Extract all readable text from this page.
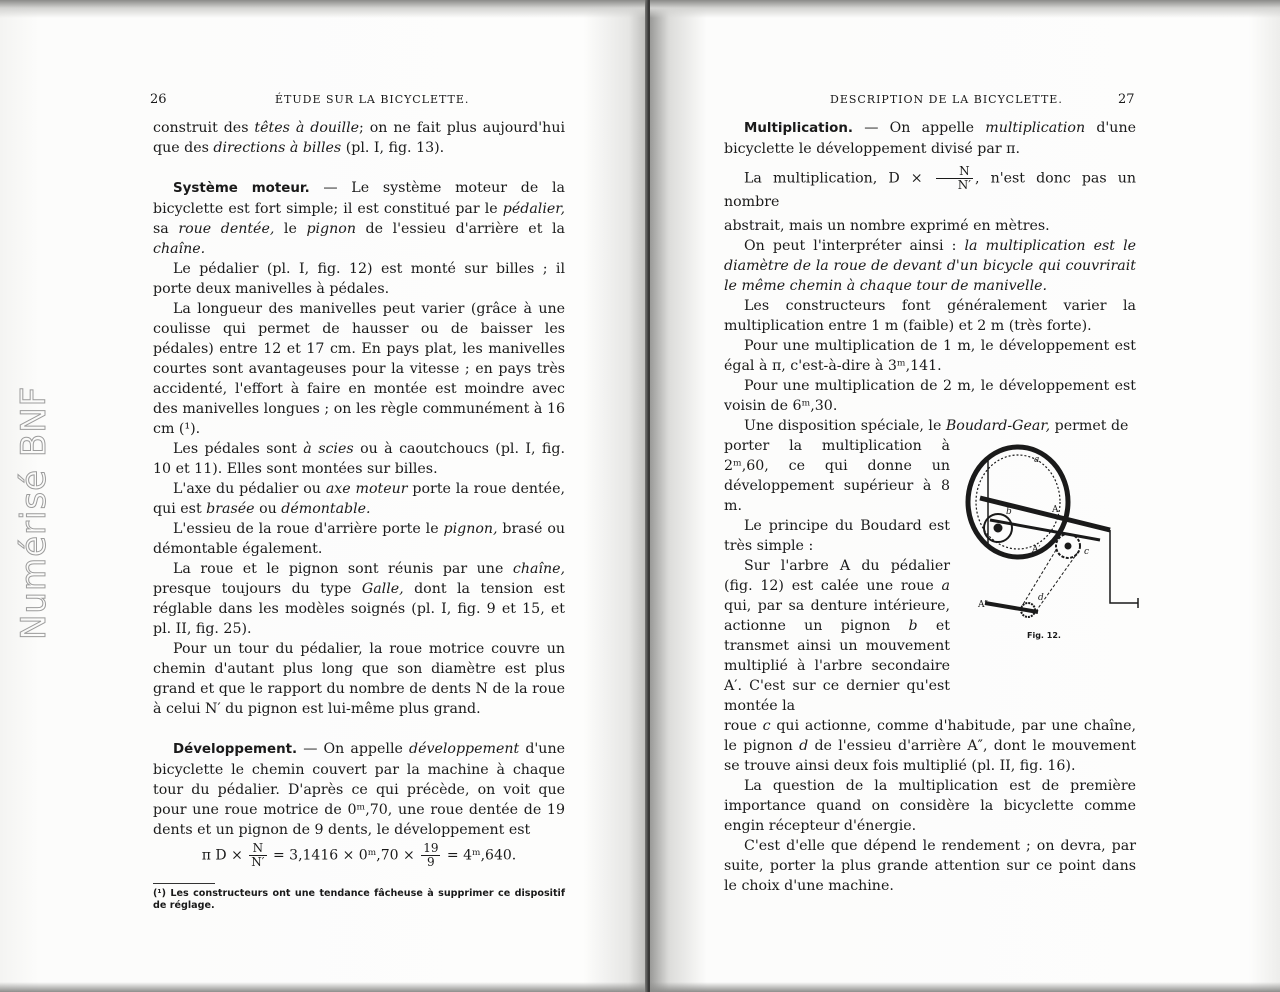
26	ÉTUDE SUR LA BICYCLETTE.

construit des têtes à douille; on ne fait plus aujourd'hui que des directions à billes (pl. I, fig. 13).

Système moteur. — Le système moteur de la bicyclette est fort simple; il est constitué par le pédalier, sa roue dentée, le pignon de l'essieu d'arrière et la chaîne.

Le pédalier (pl. I, fig. 12) est monté sur billes ; il porte deux manivelles à pédales.

La longueur des manivelles peut varier (grâce à une coulisse qui permet de hausser ou de baisser les pédales) entre 12 et 17 cm. En pays plat, les manivelles courtes sont avantageuses pour la vitesse ; en pays très accidenté, l'effort à faire en montée est moindre avec des manivelles longues ; on les règle communément à 16 cm (¹).

Les pédales sont à scies ou à caoutchoucs (pl. I, fig. 10 et 11). Elles sont montées sur billes.

L'axe du pédalier ou axe moteur porte la roue dentée, qui est brasée ou démontable.

L'essieu de la roue d'arrière porte le pignon, brasé ou démontable également.

La roue et le pignon sont réunis par une chaîne, presque toujours du type Galle, dont la tension est réglable dans les modèles soignés (pl. I, fig. 9 et 15, et pl. II, fig. 25).

Pour un tour du pédalier, la roue motrice couvre un chemin d'autant plus long que son diamètre est plus grand et que le rapport du nombre de dents N de la roue à celui N′ du pignon est lui-même plus grand.

Développement. — On appelle développement d'une bicyclette le chemin couvert par la machine à chaque tour du pédalier. D'après ce qui précède, on voit que pour une roue motrice de 0ᵐ,70, une roue dentée de 19 dents et un pignon de 9 dents, le développement est

π $D \times \frac{N}{N'} = 3,1416$ × 0ᵐ,70 × $\frac{19}{9}$ = 4ᵐ,640.

(¹) Les constructeurs ont une tendance fâcheuse à supprimer ce dispositif de réglage.

Numérisé BNF
DESCRIPTION DE LA BICYCLETTE.	27

Multiplication. — On appelle multiplication d'une bicyclette le développement divisé par π.

La multiplication, $D \times \frac{N}{N'}$ , n'est donc pas un nombre

abstrait, mais un nombre exprimé en mètres.

On peut l'interpréter ainsi : la multiplication est le diamètre de la roue de devant d'un bicycle qui couvrirait le même chemin à chaque tour de manivelle.

Les constructeurs font généralement varier la multiplication entre 1 m (faible) et 2 m (très forte).

Pour une multiplication de 1 m, le développement est égal à π, c'est-à-dire à 3ᵐ,141.

Pour une multiplication de 2 m, le développement est voisin de 6ᵐ,30.

Une disposition spéciale, le Boudard-Gear, permet de

porter la multiplication à 2ᵐ,60, ce qui donne un développement supérieur à 8 m.

Le principe du Boudard est très simple :

Sur l'arbre A du pédalier (fig. 12) est calée une roue a qui, par sa denture intérieure, actionne un pignon b et transmet ainsi un mouvement multiplié à l'arbre secondaire A′. C'est sur ce dernier qu'est montée la

roue c qui actionne, comme d'habitude, par une chaîne, le pignon d de l'essieu d'arrière A″, dont le mouvement se trouve ainsi deux fois multiplié (pl. II, fig. 16).

La question de la multiplication est de première importance quand on considère la bicyclette comme engin récepteur d'énergie.

C'est d'elle que dépend le rendement ; on devra, par suite, porter la plus grande attention sur ce point dans le choix d'une machine.

a
A
b
A′	c
A″
d
Fig. 12.
